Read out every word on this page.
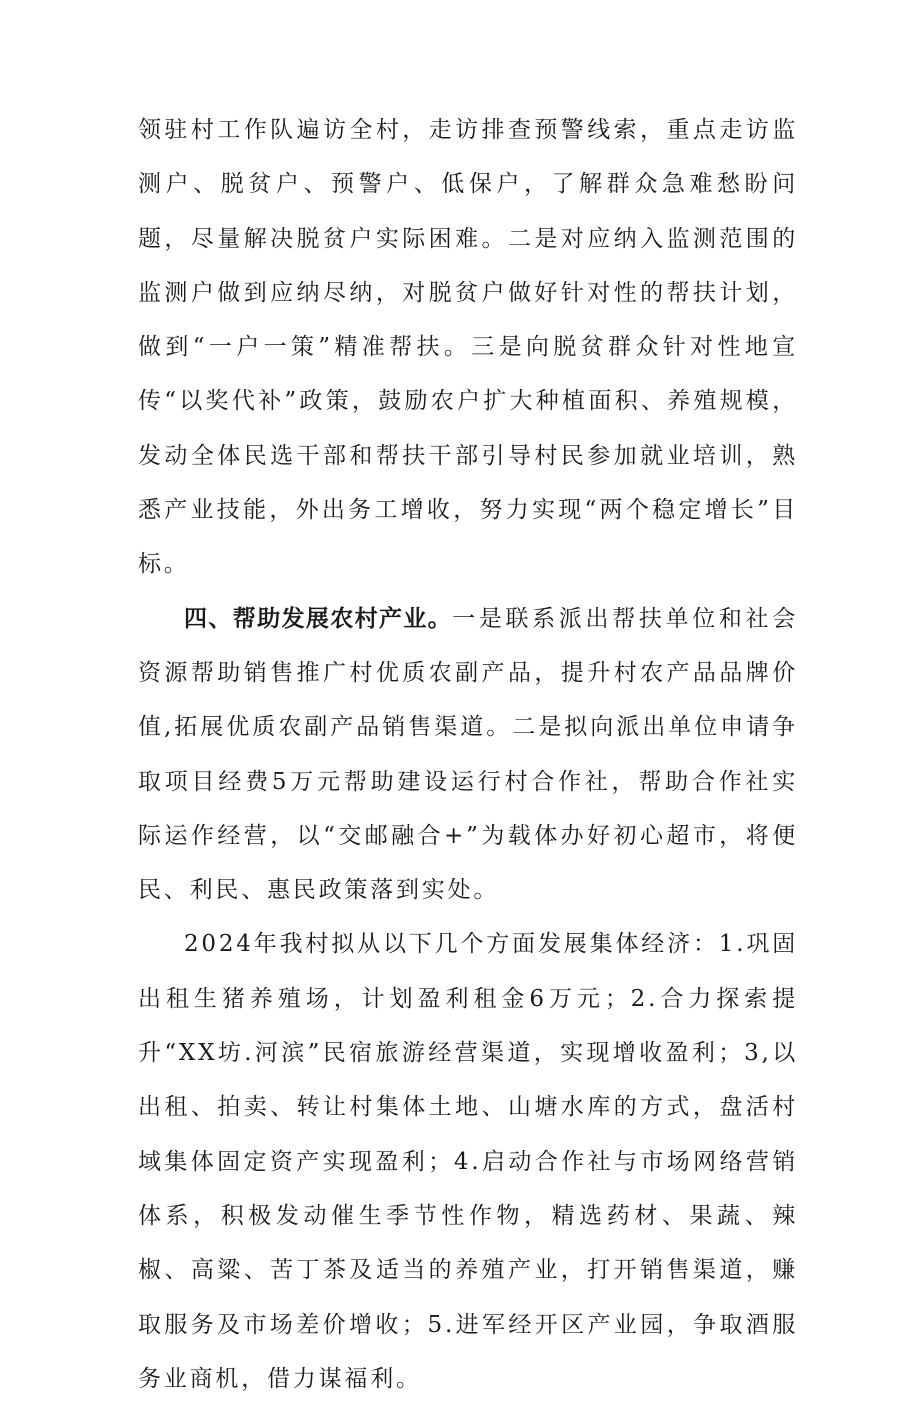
领驻村工作队遍访全村，走访排查预警线索，重点走访监测户、脱贫户、预警户、低保户，了解群众急难愁盼问题，尽量解决脱贫户实际困难。二是对应纳入监测范围的监测户做到应纳尽纳，对脱贫户做好针对性的帮扶计划，做到“一户一策”精准帮扶。三是向脱贫群众针对性地宣传“以奖代补”政策，鼓励农户扩大种植面积、养殖规模，发动全体民选干部和帮扶干部引导村民参加就业培训，熟悉产业技能，外出务工增收，努力实现“两个稳定增长”目标。

四、帮助发展农村产业。一是联系派出帮扶单位和社会资源帮助销售推广村优质农副产品，提升村农产品品牌价值,拓展优质农副产品销售渠道。二是拟向派出单位申请争取项目经费5万元帮助建设运行村合作社，帮助合作社实际运作经营，以“交邮融合+”为载体办好初心超市，将便民、利民、惠民政策落到实处。

2024年我村拟从以下几个方面发展集体经济：1.巩固出租生猪养殖场，计划盈利租金6万元；2.合力探索提升“XX坊.河滨”民宿旅游经营渠道，实现增收盈利；3,以出租、拍卖、转让村集体土地、山塘水库的方式，盘活村域集体固定资产实现盈利；4.启动合作社与市场网络营销体系，积极发动催生季节性作物，精选药材、果蔬、辣椒、高粱、苦丁茶及适当的养殖产业，打开销售渠道，赚取服务及市场差价增收；5.进军经开区产业园，争取酒服务业商机，借力谋福利。
